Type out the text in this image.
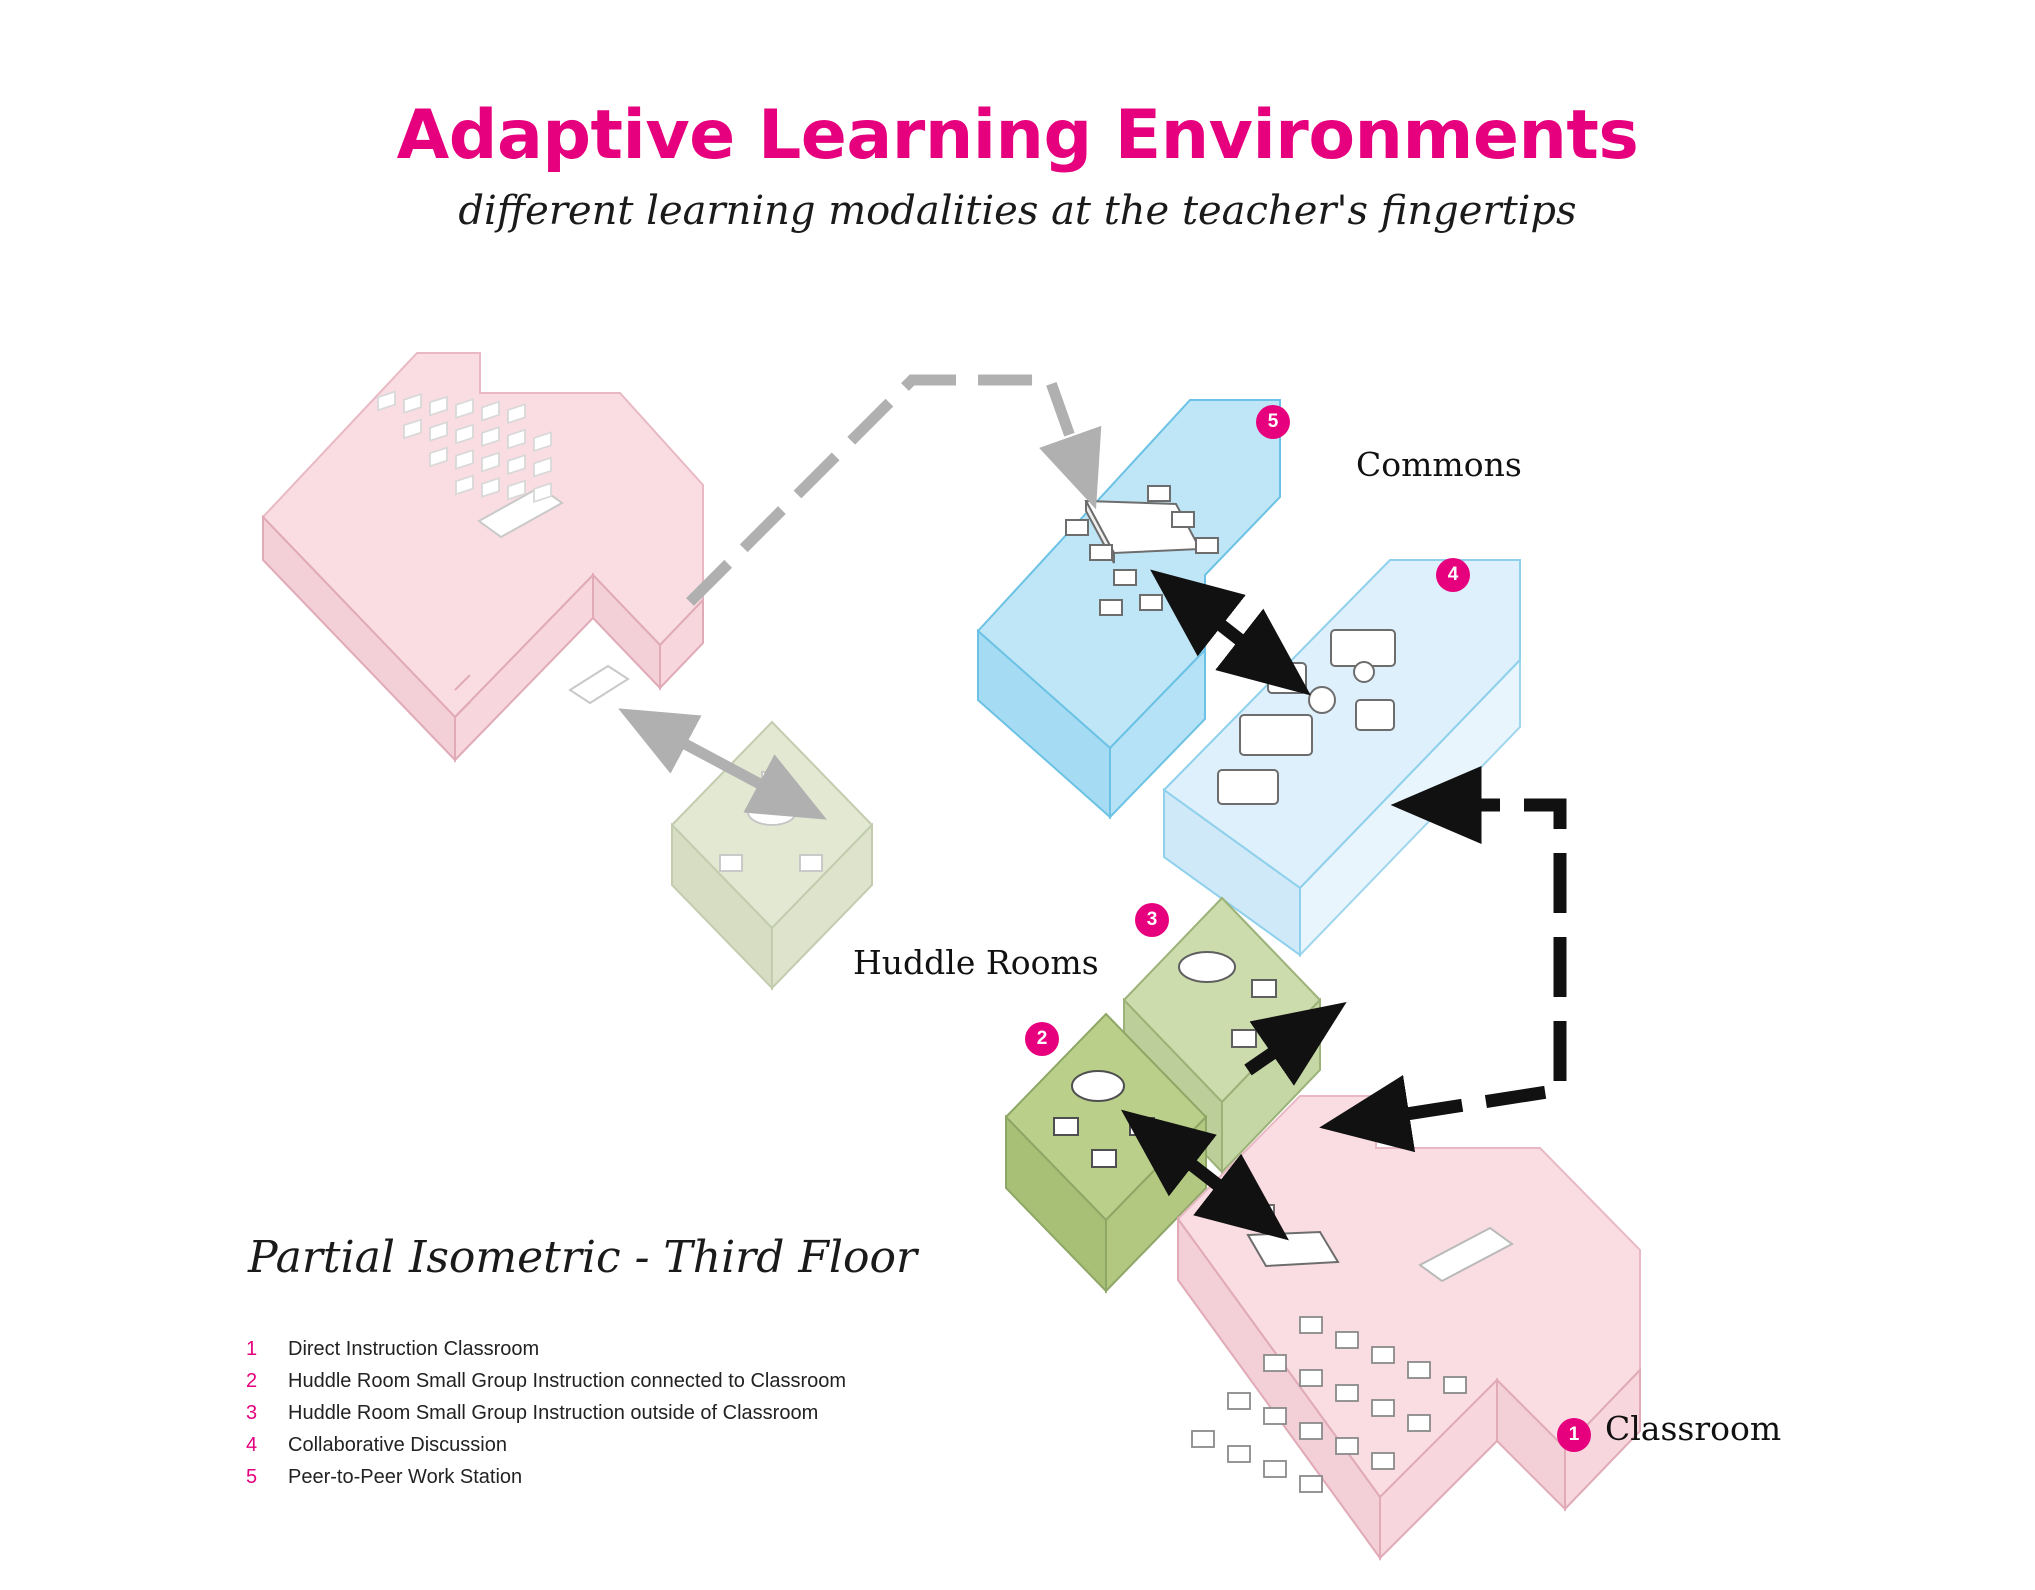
Adaptive Learning Environments
different learning modalities at the teacher's fingertips
Commons
Huddle Rooms
Classroom
1
2
3
4
5
Partial Isometric - Third Floor
1	Direct Instruction Classroom
2	Huddle Room Small Group Instruction connected to Classroom
3	Huddle Room Small Group Instruction outside of Classroom
4	Collaborative Discussion
5	Peer-to-Peer Work Station
